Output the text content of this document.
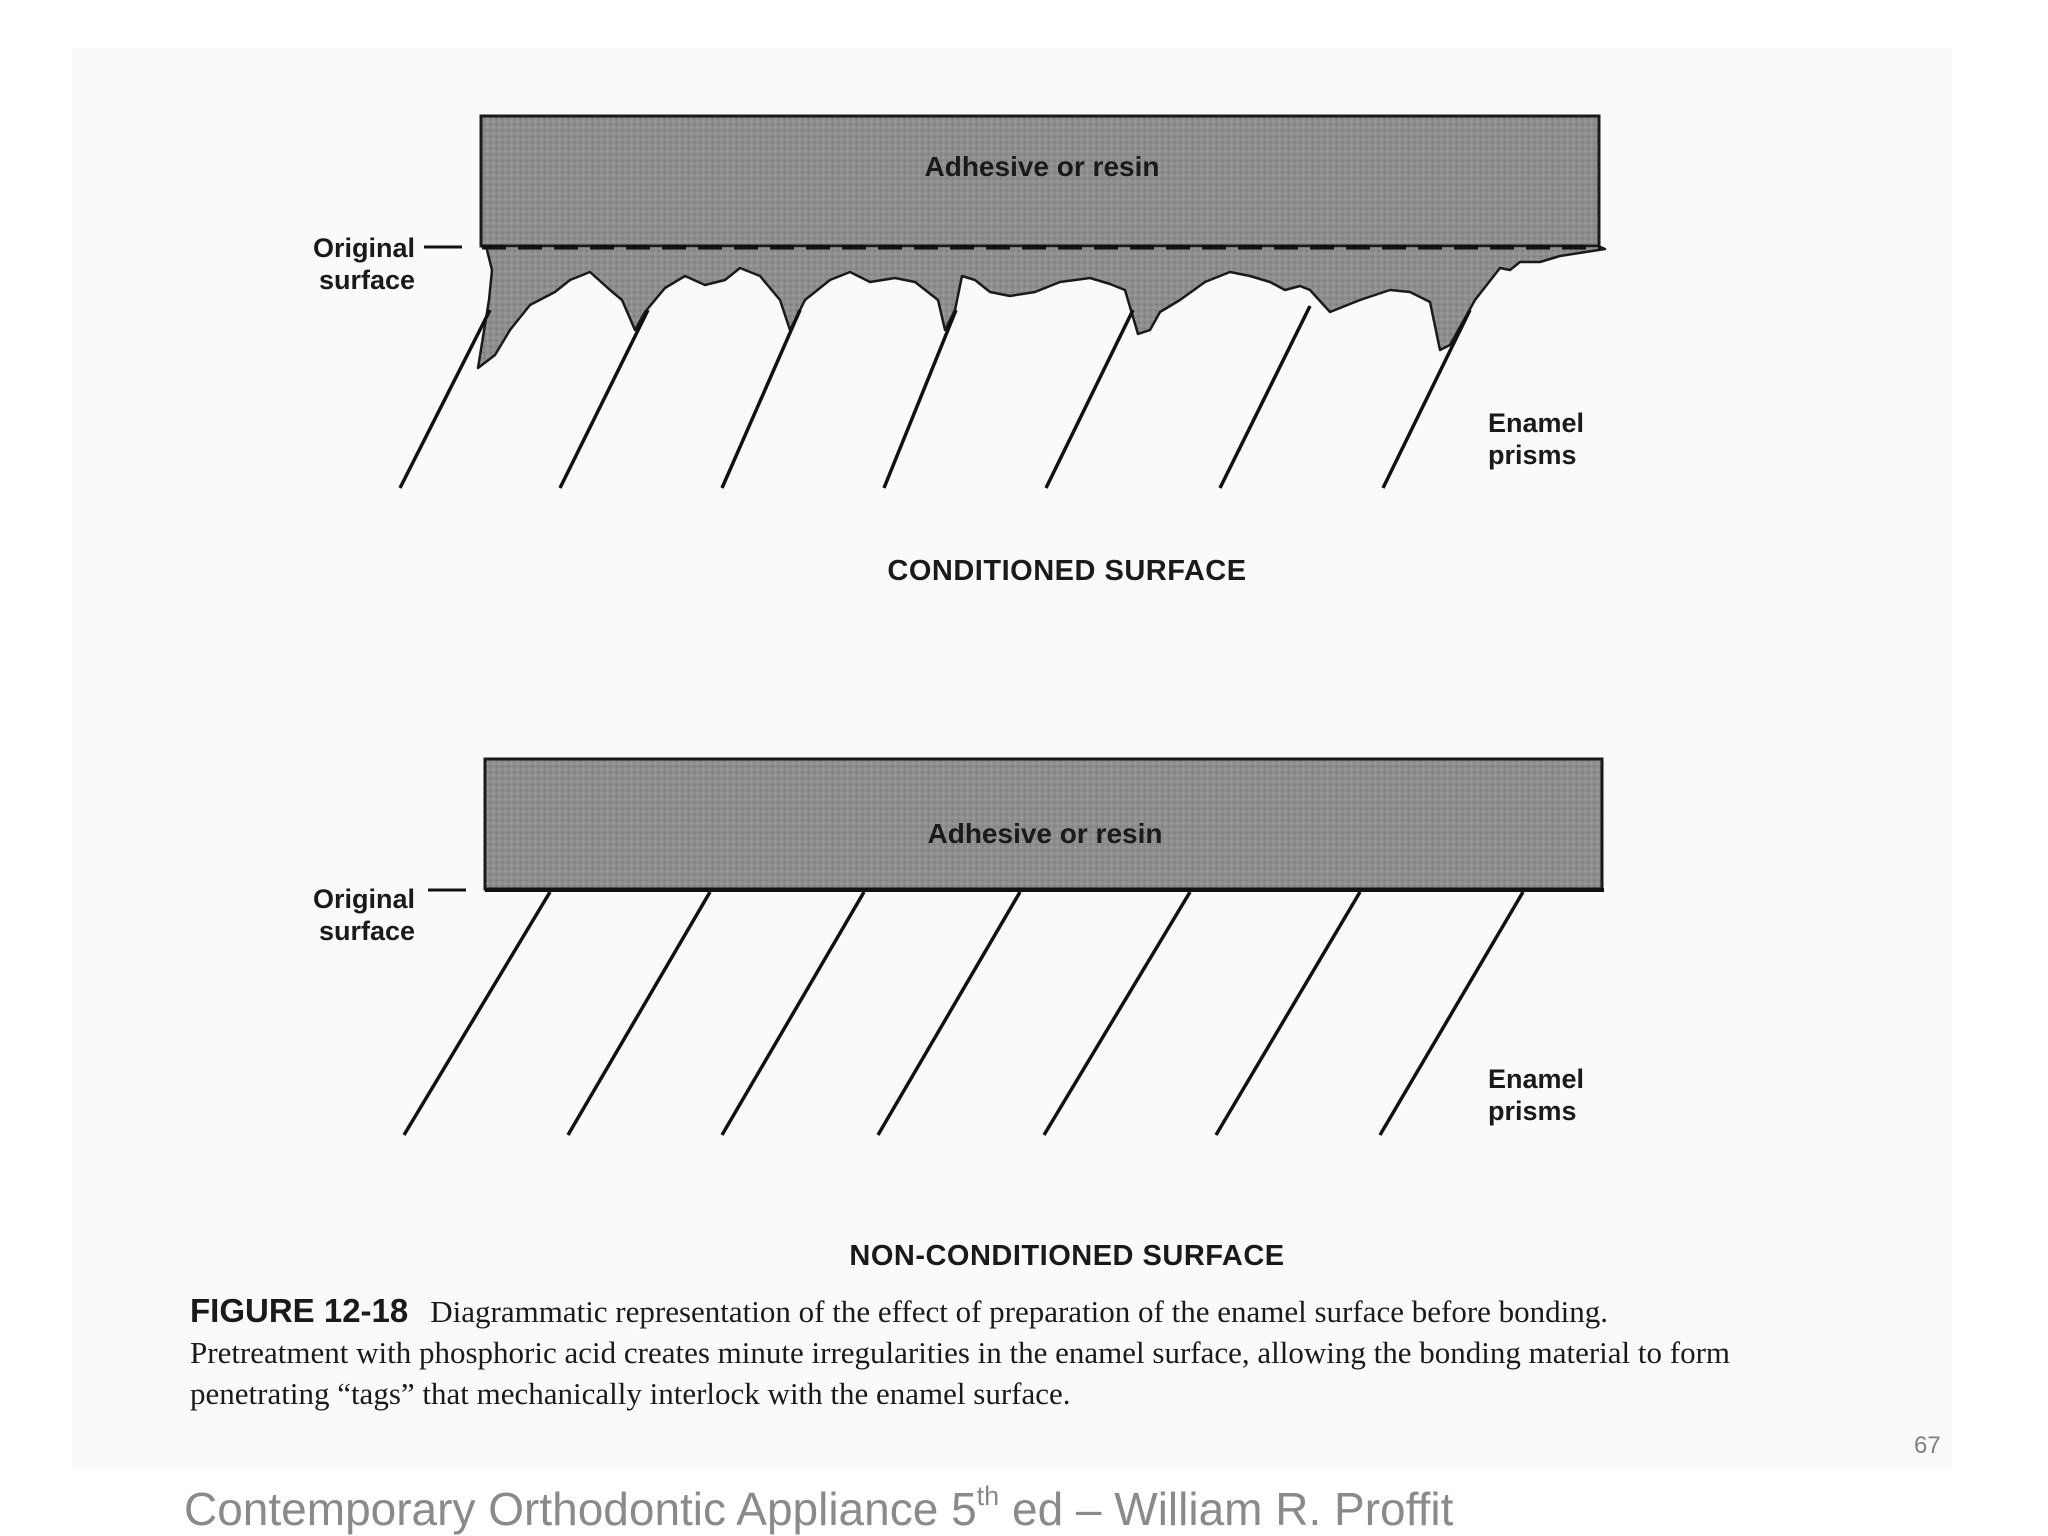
Adhesive or resin
Original surface
Enamel prisms
CONDITIONED SURFACE
Adhesive or resin
Original surface
Enamel prisms
NON-CONDITIONED SURFACE
FIGURE 12-18 Diagrammatic representation of the effect of preparation of the enamel surface before bonding. Pretreatment with phosphoric acid creates minute irregularities in the enamel surface, allowing the bonding material to form penetrating “tags” that mechanically interlock with the enamel surface.
Contemporary Orthodontic Appliance 5th ed – William R. Proffit
67
